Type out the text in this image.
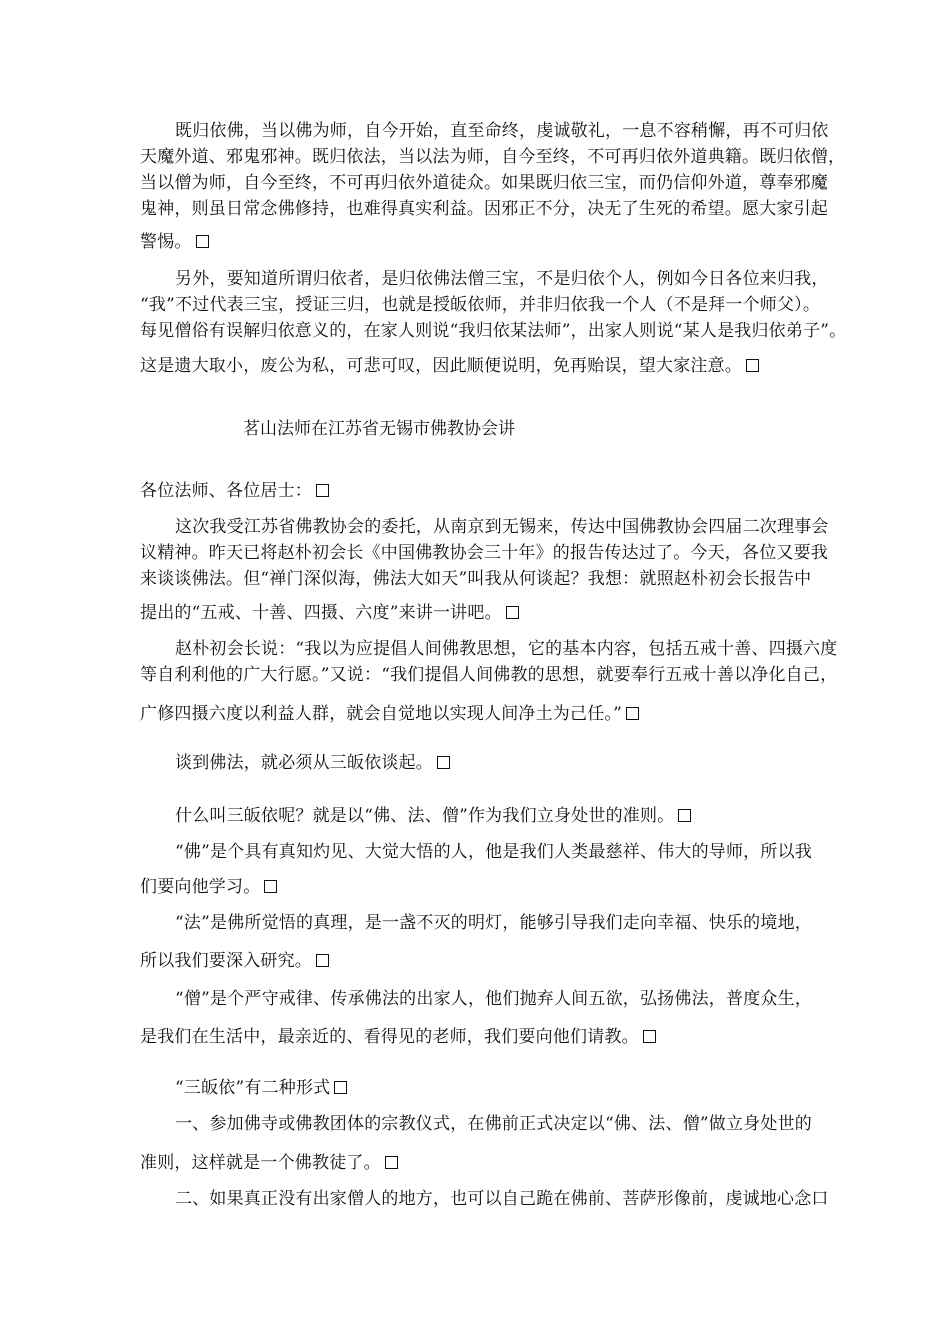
既归依佛，当以佛为师，自今开始，直至命终，虔诚敬礼，一息不容稍懈，再不可归依
天魔外道、邪鬼邪神。既归依法，当以法为师，自今至终，不可再归依外道典籍。既归依僧，
当以僧为师，自今至终，不可再归依外道徒众。如果既归依三宝，而仍信仰外道，尊奉邪魔
鬼神，则虽日常念佛修持，也难得真实利益。因邪正不分，决无了生死的希望。愿大家引起
警惕。
另外，要知道所谓归依者，是归依佛法僧三宝，不是归依个人，例如今日各位来归我，
“我”不过代表三宝，授证三归，也就是授皈依师，并非归依我一个人（不是拜一个师父）。
每见僧俗有误解归依意义的，在家人则说“我归依某法师”，出家人则说“某人是我归依弟子”。
这是遗大取小，废公为私，可悲可叹，因此顺便说明，免再贻误，望大家注意。
茗山法师在江苏省无锡市佛教协会讲
各位法师、各位居士：
这次我受江苏省佛教协会的委托，从南京到无锡来，传达中国佛教协会四届二次理事会
议精神。昨天已将赵朴初会长《中国佛教协会三十年》的报告传达过了。今天，各位又要我
来谈谈佛法。但“禅门深似海，佛法大如天”叫我从何谈起？我想：就照赵朴初会长报告中
提出的“五戒、十善、四摄、六度”来讲一讲吧。
赵朴初会长说：“我以为应提倡人间佛教思想，它的基本内容，包括五戒十善、四摄六度
等自利利他的广大行愿。”又说：“我们提倡人间佛教的思想，就要奉行五戒十善以净化自己，
广修四摄六度以利益人群，就会自觉地以实现人间净土为己任。”
谈到佛法，就必须从三皈依谈起。
什么叫三皈依呢？就是以“佛、法、僧”作为我们立身处世的准则。
“佛”是个具有真知灼见、大觉大悟的人，他是我们人类最慈祥、伟大的导师，所以我
们要向他学习。
“法”是佛所觉悟的真理，是一盏不灭的明灯，能够引导我们走向幸福、快乐的境地，
所以我们要深入研究。
“僧”是个严守戒律、传承佛法的出家人，他们抛弃人间五欲，弘扬佛法，普度众生，
是我们在生活中，最亲近的、看得见的老师，我们要向他们请教。
“三皈依”有二种形式
一、参加佛寺或佛教团体的宗教仪式，在佛前正式决定以“佛、法、僧”做立身处世的
准则，这样就是一个佛教徒了。
二、如果真正没有出家僧人的地方，也可以自己跪在佛前、菩萨形像前，虔诚地心念口
